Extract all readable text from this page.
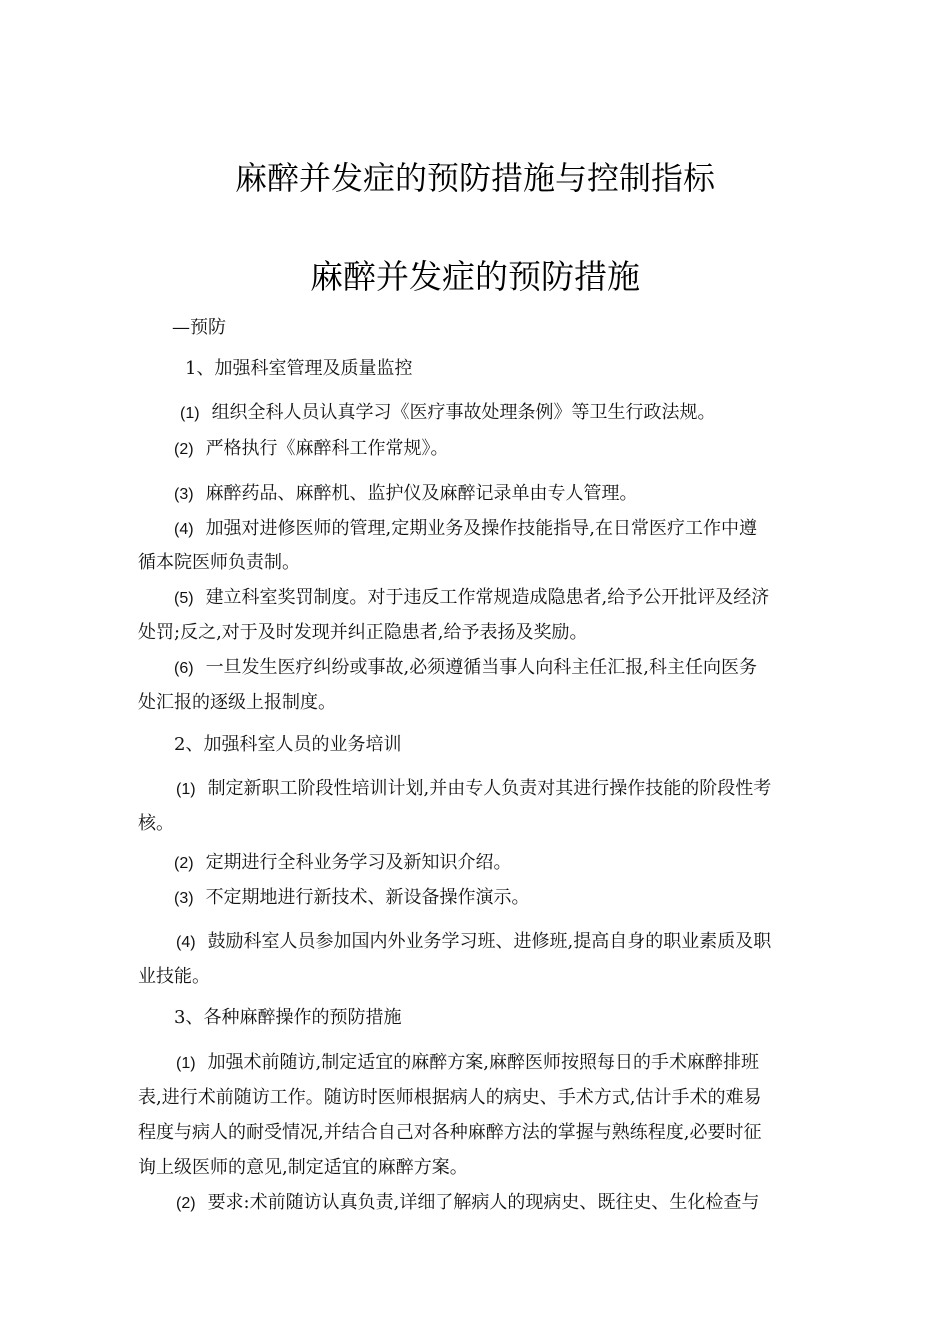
麻醉并发症的预防措施与控制指标
麻醉并发症的预防措施
—预防
1、加强科室管理及质量监控
(1) 组织全科人员认真学习《医疗事故处理条例》等卫生行政法规。
(2) 严格执行《麻醉科工作常规》。
(3) 麻醉药品、麻醉机、监护仪及麻醉记录单由专人管理。
(4) 加强对进修医师的管理,定期业务及操作技能指导,在日常医疗工作中遵
循本院医师负责制。
(5) 建立科室奖罚制度。对于违反工作常规造成隐患者,给予公开批评及经济
处罚;反之,对于及时发现并纠正隐患者,给予表扬及奖励。
(6) 一旦发生医疗纠纷或事故,必须遵循当事人向科主任汇报,科主任向医务
处汇报的逐级上报制度。
2、加强科室人员的业务培训
(1) 制定新职工阶段性培训计划,并由专人负责对其进行操作技能的阶段性考
核。
(2) 定期进行全科业务学习及新知识介绍。
(3) 不定期地进行新技术、新设备操作演示。
(4) 鼓励科室人员参加国内外业务学习班、进修班,提高自身的职业素质及职
业技能。
3、各种麻醉操作的预防措施
(1) 加强术前随访,制定适宜的麻醉方案,麻醉医师按照每日的手术麻醉排班
表,进行术前随访工作。随访时医师根据病人的病史、手术方式,估计手术的难易
程度与病人的耐受情况,并结合自己对各种麻醉方法的掌握与熟练程度,必要时征
询上级医师的意见,制定适宜的麻醉方案。
(2) 要求:术前随访认真负责,详细了解病人的现病史、既往史、生化检查与
